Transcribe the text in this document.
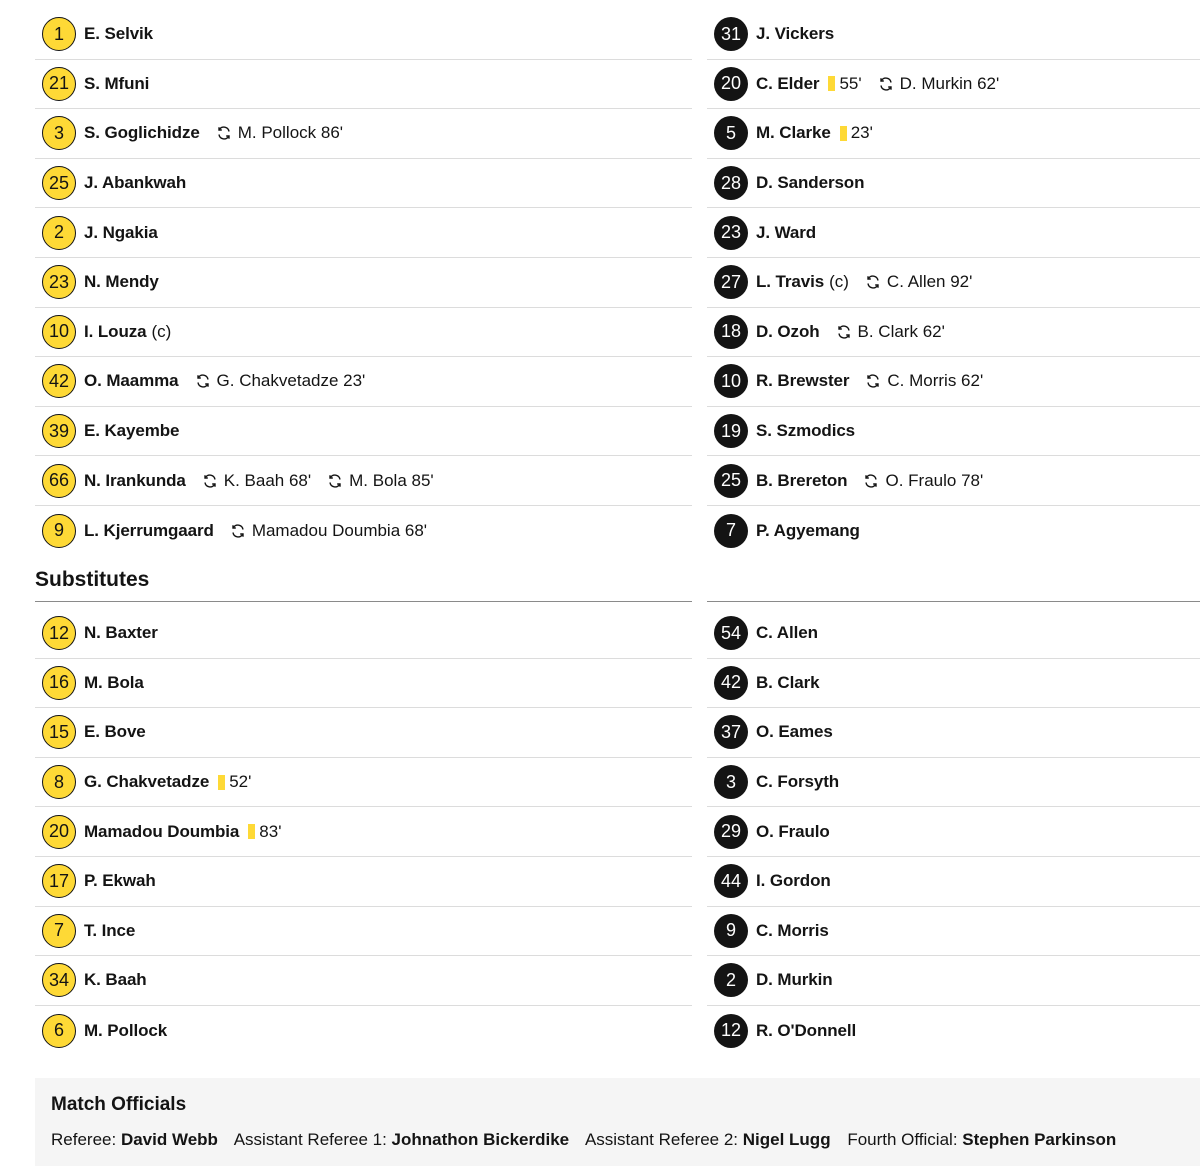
1	E. Selvik
21 S. Mfuni
3	S. Goglichidze M. Pollock 86'
25 J. Abankwah
2	J. Ngakia
23 N. Mendy
10 I. Louza (c)
42 O. Maamma G. Chakvetadze 23'
39 E. Kayembe
66 N. Irankunda K. Baah 68' M. Bola 85'
9	L. Kjerrumgaard Mamadou Doumbia 68'
31 J. Vickers
20 C. Elder 55' D. Murkin 62'
5	M. Clarke 23'
28 D. Sanderson
23 J. Ward
27 L. Travis (c) C. Allen 92'
18 D. Ozoh B. Clark 62'
10 R. Brewster C. Morris 62'
19 S. Szmodics
25 B. Brereton O. Fraulo 78'
7	P. Agyemang
Substitutes
12 N. Baxter
16 M. Bola
15 E. Bove
8	G. Chakvetadze 52'
20 Mamadou Doumbia 83'
17 P. Ekwah
7	T. Ince
34 K. Baah
6	M. Pollock
54 C. Allen
42 B. Clark
37 O. Eames
3	C. Forsyth
29 O. Fraulo
44 I. Gordon
9	C. Morris
2	D. Murkin
12 R. O'Donnell
Match Officials
Referee: David Webb Assistant Referee 1: Johnathon Bickerdike Assistant Referee 2: Nigel Lugg Fourth Official: Stephen Parkinson
